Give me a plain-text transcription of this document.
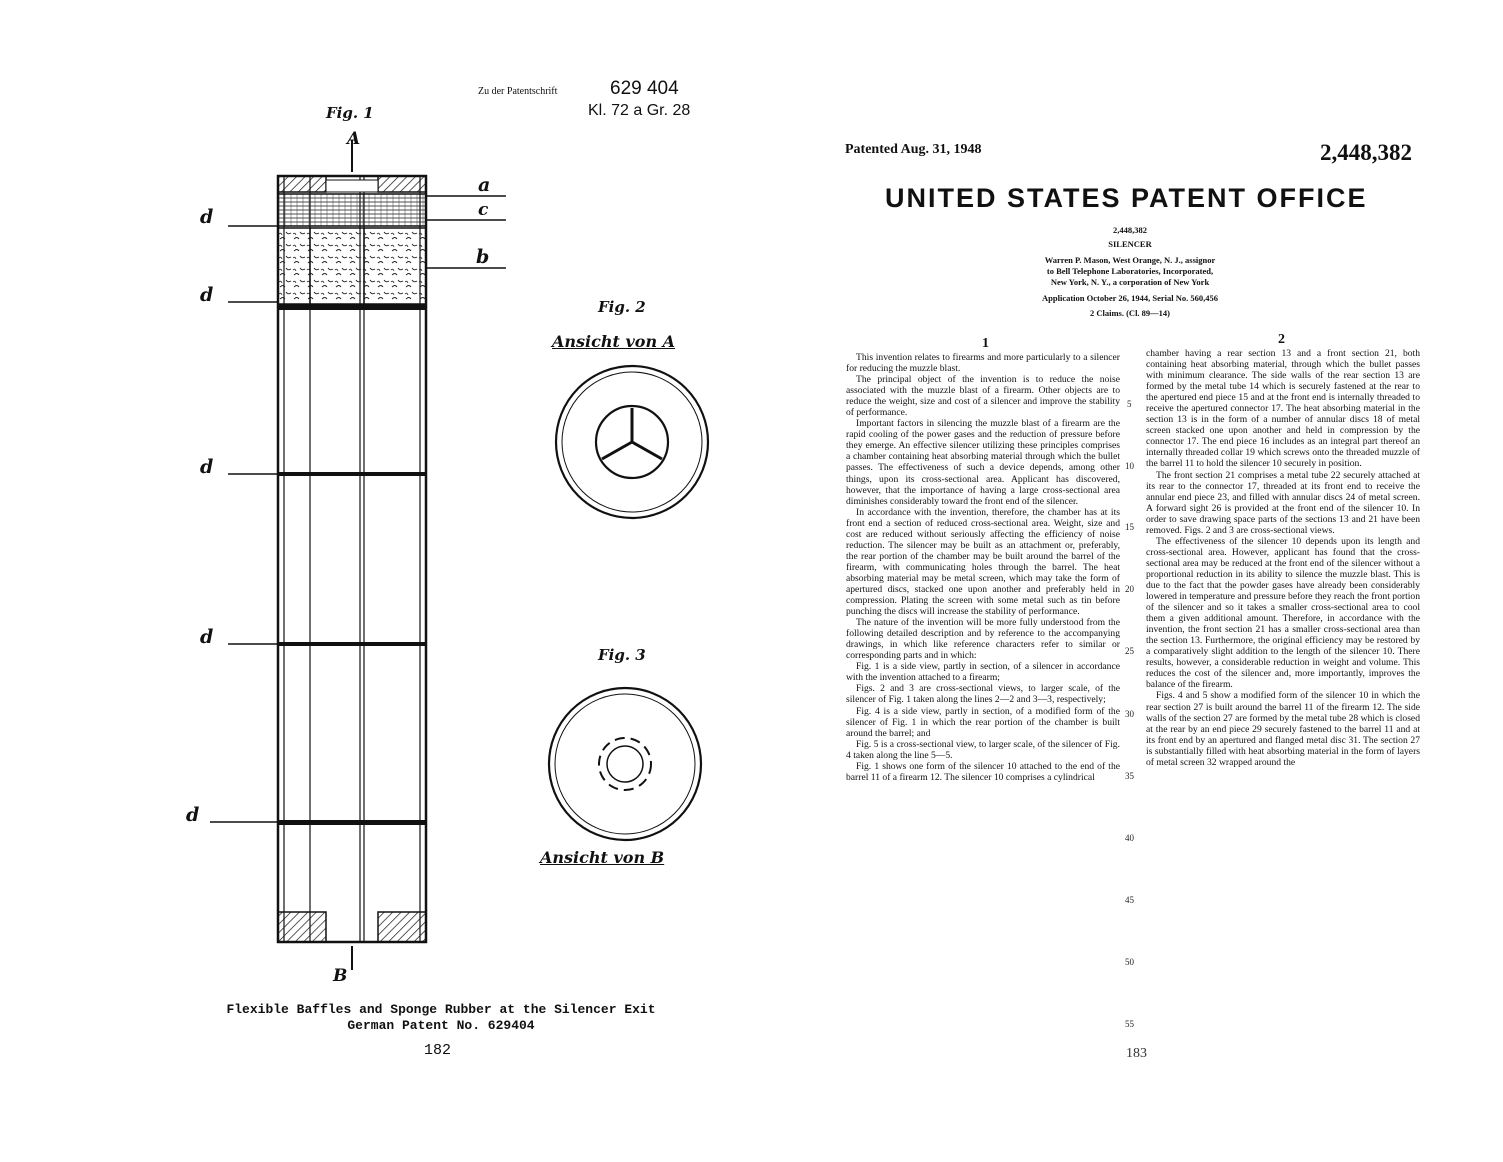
Zu der Patentschrift	629 404
Kl. 72 a Gr. 28
Fig. 1
A
B
a
c
b
d
d
d
d
d
Fig. 2
Ansicht von A
Fig. 3
Ansicht von B
Flexible Baffles and Sponge Rubber at the Silencer Exit
German Patent No. 629404
182
Patented Aug. 31, 1948	2,448,382
UNITED STATES PATENT OFFICE
2,448,382
SILENCER
Warren P. Mason, West Orange, N. J., assignor
to Bell Telephone Laboratories, Incorporated,
New York, N. Y., a corporation of New York
Application October 26, 1944, Serial No. 560,456
2 Claims. (Cl. 89—14)
1	2

This invention relates to firearms and more particularly to a silencer for reducing the muzzle blast.

The principal object of the invention is to reduce the noise associated with the muzzle blast of a firearm. Other objects are to reduce the weight, size and cost of a silencer and improve the stability of performance.

Important factors in silencing the muzzle blast of a firearm are the rapid cooling of the power gases and the reduction of pressure before they emerge. An effective silencer utilizing these principles comprises a chamber containing heat absorbing material through which the bullet passes. The effectiveness of such a device depends, among other things, upon its cross-sectional area. Applicant has discovered, however, that the importance of having a large cross-sectional area diminishes considerably toward the front end of the silencer.

In accordance with the invention, therefore, the chamber has at its front end a section of reduced cross-sectional area. Weight, size and cost are reduced without seriously affecting the efficiency of noise reduction. The silencer may be built as an attachment or, preferably, the rear portion of the chamber may be built around the barrel of the firearm, with communicating holes through the barrel. The heat absorbing material may be metal screen, which may take the form of apertured discs, stacked one upon another and preferably held in compression. Plating the screen with some metal such as tin before punching the discs will increase the stability of performance.

The nature of the invention will be more fully understood from the following detailed description and by reference to the accompanying drawings, in which like reference characters refer to similar or corresponding parts and in which:

Fig. 1 is a side view, partly in section, of a silencer in accordance with the invention attached to a firearm;

Figs. 2 and 3 are cross-sectional views, to larger scale, of the silencer of Fig. 1 taken along the lines 2—2 and 3—3, respectively;

Fig. 4 is a side view, partly in section, of a modified form of the silencer of Fig. 1 in which the rear portion of the chamber is built around the barrel; and

Fig. 5 is a cross-sectional view, to larger scale, of the silencer of Fig. 4 taken along the line 5—5.

Fig. 1 shows one form of the silencer 10 attached to the end of the barrel 11 of a firearm 12. The silencer 10 comprises a cylindrical

5
10
15
20
25
30
35
40
45
50
55

chamber having a rear section 13 and a front section 21, both containing heat absorbing material, through which the bullet passes with minimum clearance. The side walls of the rear section 13 are formed by the metal tube 14 which is securely fastened at the rear to the apertured end piece 15 and at the front end is internally threaded to receive the apertured connector 17. The heat absorbing material in the section 13 is in the form of a number of annular discs 18 of metal screen stacked one upon another and held in compression by the connector 17. The end piece 16 includes as an integral part thereof an internally threaded collar 19 which screws onto the threaded muzzle of the barrel 11 to hold the silencer 10 securely in position.

The front section 21 comprises a metal tube 22 securely attached at its rear to the connector 17, threaded at its front end to receive the annular end piece 23, and filled with annular discs 24 of metal screen. A forward sight 26 is provided at the front end of the silencer 10. In order to save drawing space parts of the sections 13 and 21 have been removed. Figs. 2 and 3 are cross-sectional views.

The effectiveness of the silencer 10 depends upon its length and cross-sectional area. However, applicant has found that the cross-sectional area may be reduced at the front end of the silencer without a proportional reduction in its ability to silence the muzzle blast. This is due to the fact that the powder gases have already been considerably lowered in temperature and pressure before they reach the front portion of the silencer and so it takes a smaller cross-sectional area to cool them a given additional amount. Therefore, in accordance with the invention, the front section 21 has a smaller cross-sectional area than the section 13. Furthermore, the original efficiency may be restored by a comparatively slight addition to the length of the silencer 10. There results, however, a considerable reduction in weight and volume. This reduces the cost of the silencer and, more importantly, improves the balance of the firearm.

Figs. 4 and 5 show a modified form of the silencer 10 in which the rear section 27 is built around the barrel 11 of the firearm 12. The side walls of the section 27 are formed by the metal tube 28 which is closed at the rear by an end piece 29 securely fastened to the barrel 11 and at its front end by an apertured and flanged metal disc 31. The section 27 is substantially filled with heat absorbing material in the form of layers of metal screen 32 wrapped around the

183
